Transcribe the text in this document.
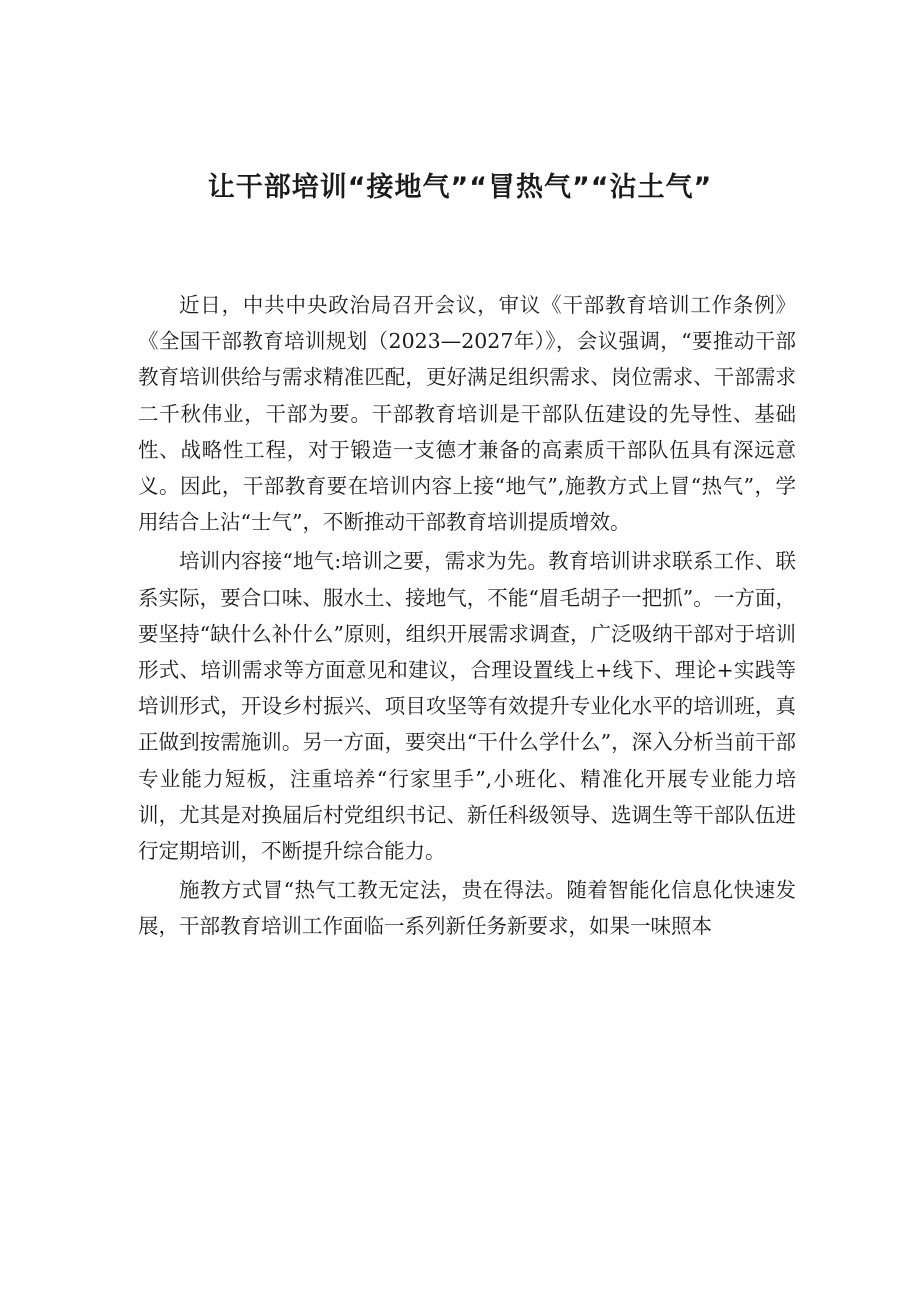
让干部培训“接地气”“冒热气”“沾土气”

近日，中共中央政治局召开会议，审议《干部教育培训工作条例》《全国干部教育培训规划（2023—2027年）》，会议强调，“要推动干部教育培训供给与需求精准匹配，更好满足组织需求、岗位需求、干部需求二千秋伟业，干部为要。干部教育培训是干部队伍建设的先导性、基础性、战略性工程，对于锻造一支德才兼备的高素质干部队伍具有深远意义。因此，干部教育要在培训内容上接“地气”,施教方式上冒“热气”，学用结合上沾“士气”，不断推动干部教育培训提质增效。

培训内容接“地气:培训之要，需求为先。教育培训讲求联系工作、联系实际，要合口味、服水土、接地气，不能“眉毛胡子一把抓”。一方面，要坚持“缺什么补什么”原则，组织开展需求调查，广泛吸纳干部对于培训形式、培训需求等方面意见和建议，合理设置线上+线下、理论+实践等培训形式，开设乡村振兴、项目攻坚等有效提升专业化水平的培训班，真正做到按需施训。另一方面，要突出“干什么学什么”，深入分析当前干部专业能力短板，注重培养“行家里手”,小班化、精准化开展专业能力培训，尤其是对换届后村党组织书记、新任科级领导、选调生等干部队伍进行定期培训，不断提升综合能力。

施教方式冒“热气工教无定法，贵在得法。随着智能化信息化快速发展，干部教育培训工作面临一系列新任务新要求，如果一味照本
